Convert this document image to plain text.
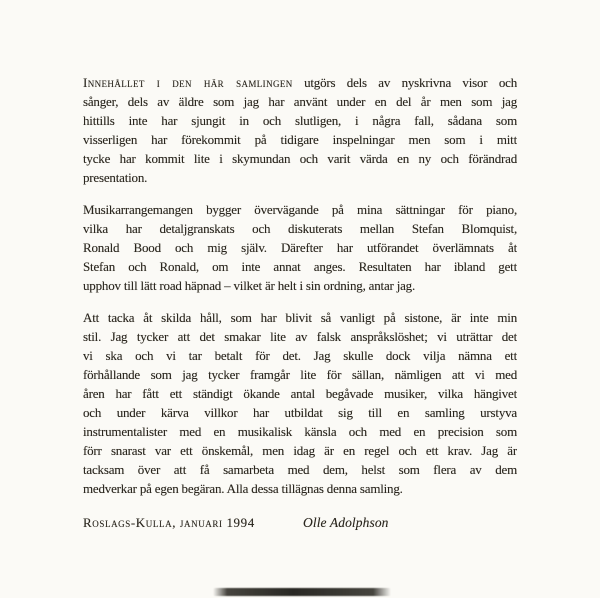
Innehållet i den här samlingen utgörs dels av nyskrivna visor och
sånger, dels av äldre som jag har använt under en del år men som jag
hittills inte har sjungit in och slutligen, i några fall, sådana som
visserligen har förekommit på tidigare inspelningar men som i mitt
tycke har kommit lite i skymundan och varit värda en ny och förändrad
presentation.
Musikarrangemangen bygger övervägande på mina sättningar för piano,
vilka har detaljgranskats och diskuterats mellan Stefan Blomquist,
Ronald Bood och mig själv. Därefter har utförandet överlämnats åt
Stefan och Ronald, om inte annat anges. Resultaten har ibland gett
upphov till lätt road häpnad – vilket är helt i sin ordning, antar jag.
Att tacka åt skilda håll, som har blivit så vanligt på sistone, är inte min
stil. Jag tycker att det smakar lite av falsk anspråkslöshet; vi uträttar det
vi ska och vi tar betalt för det. Jag skulle dock vilja nämna ett
förhållande som jag tycker framgår lite för sällan, nämligen att vi med
åren har fått ett ständigt ökande antal begåvade musiker, vilka hängivet
och under kärva villkor har utbildat sig till en samling urstyva
instrumentalister med en musikalisk känsla och med en precision som
förr snarast var ett önskemål, men idag är en regel och ett krav. Jag är
tacksam över att få samarbeta med dem, helst som flera av dem
medverkar på egen begäran. Alla dessa tillägnas denna samling.
Roslags-Kulla, januari 1994	Olle Adolphson
